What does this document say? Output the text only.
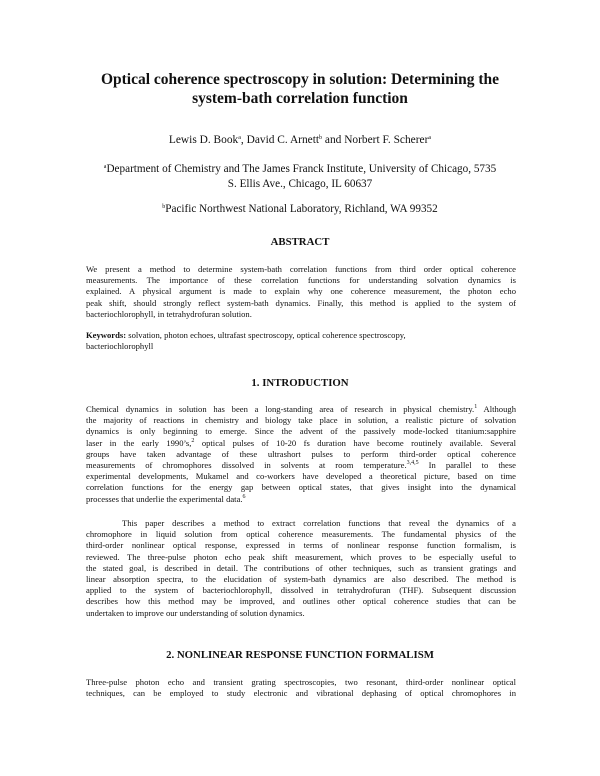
Optical coherence spectroscopy in solution: Determining the
system-bath correlation function
Lewis D. Book$^a$, David C. Arnett$^b$ and Norbert F. Scherer$^a$
$^a$Department of Chemistry and The James Franck Institute, University of Chicago, 5735
S. Ellis Ave., Chicago, IL 60637
$^b$Pacific Northwest National Laboratory, Richland, WA 99352
ABSTRACT
We present a method to determine system-bath correlation functions from third order optical coherence
measurements. The importance of these correlation functions for understanding solvation dynamics is
explained. A physical argument is made to explain why one coherence measurement, the photon echo
peak shift, should strongly reflect system-bath dynamics. Finally, this method is applied to the system of
bacteriochlorophyll, in tetrahydrofuran solution.
Keywords: solvation, photon echoes, ultrafast spectroscopy, optical coherence spectroscopy,
bacteriochlorophyll
1. INTRODUCTION
Chemical dynamics in solution has been a long-standing area of research in physical chemistry.$^1$ Although
the majority of reactions in chemistry and biology take place in solution, a realistic picture of solvation
dynamics is only beginning to emerge. Since the advent of the passively mode-locked titanium:sapphire
laser in the early 1990’s,$^2$ optical pulses of 10-20 fs duration have become routinely available. Several
groups have taken advantage of these ultrashort pulses to perform third-order optical coherence
measurements of chromophores dissolved in solvents at room temperature.$^{3,4,5}$ In parallel to these
experimental developments, Mukamel and co-workers have developed a theoretical picture, based on time
correlation functions for the energy gap between optical states, that gives insight into the dynamical
processes that underlie the experimental data.$^6$
This paper describes a method to extract correlation functions that reveal the dynamics of a
chromophore in liquid solution from optical coherence measurements. The fundamental physics of the
third-order nonlinear optical response, expressed in terms of nonlinear response function formalism, is
reviewed. The three-pulse photon echo peak shift measurement, which proves to be especially useful to
the stated goal, is described in detail. The contributions of other techniques, such as transient gratings and
linear absorption spectra, to the elucidation of system-bath dynamics are also described. The method is
applied to the system of bacteriochlorophyll, dissolved in tetrahydrofuran (THF). Subsequent discussion
describes how this method may be improved, and outlines other optical coherence studies that can be
undertaken to improve our understanding of solution dynamics.
2. NONLINEAR RESPONSE FUNCTION FORMALISM
Three-pulse photon echo and transient grating spectroscopies, two resonant, third-order nonlinear optical
techniques, can be employed to study electronic and vibrational dephasing of optical chromophores in
